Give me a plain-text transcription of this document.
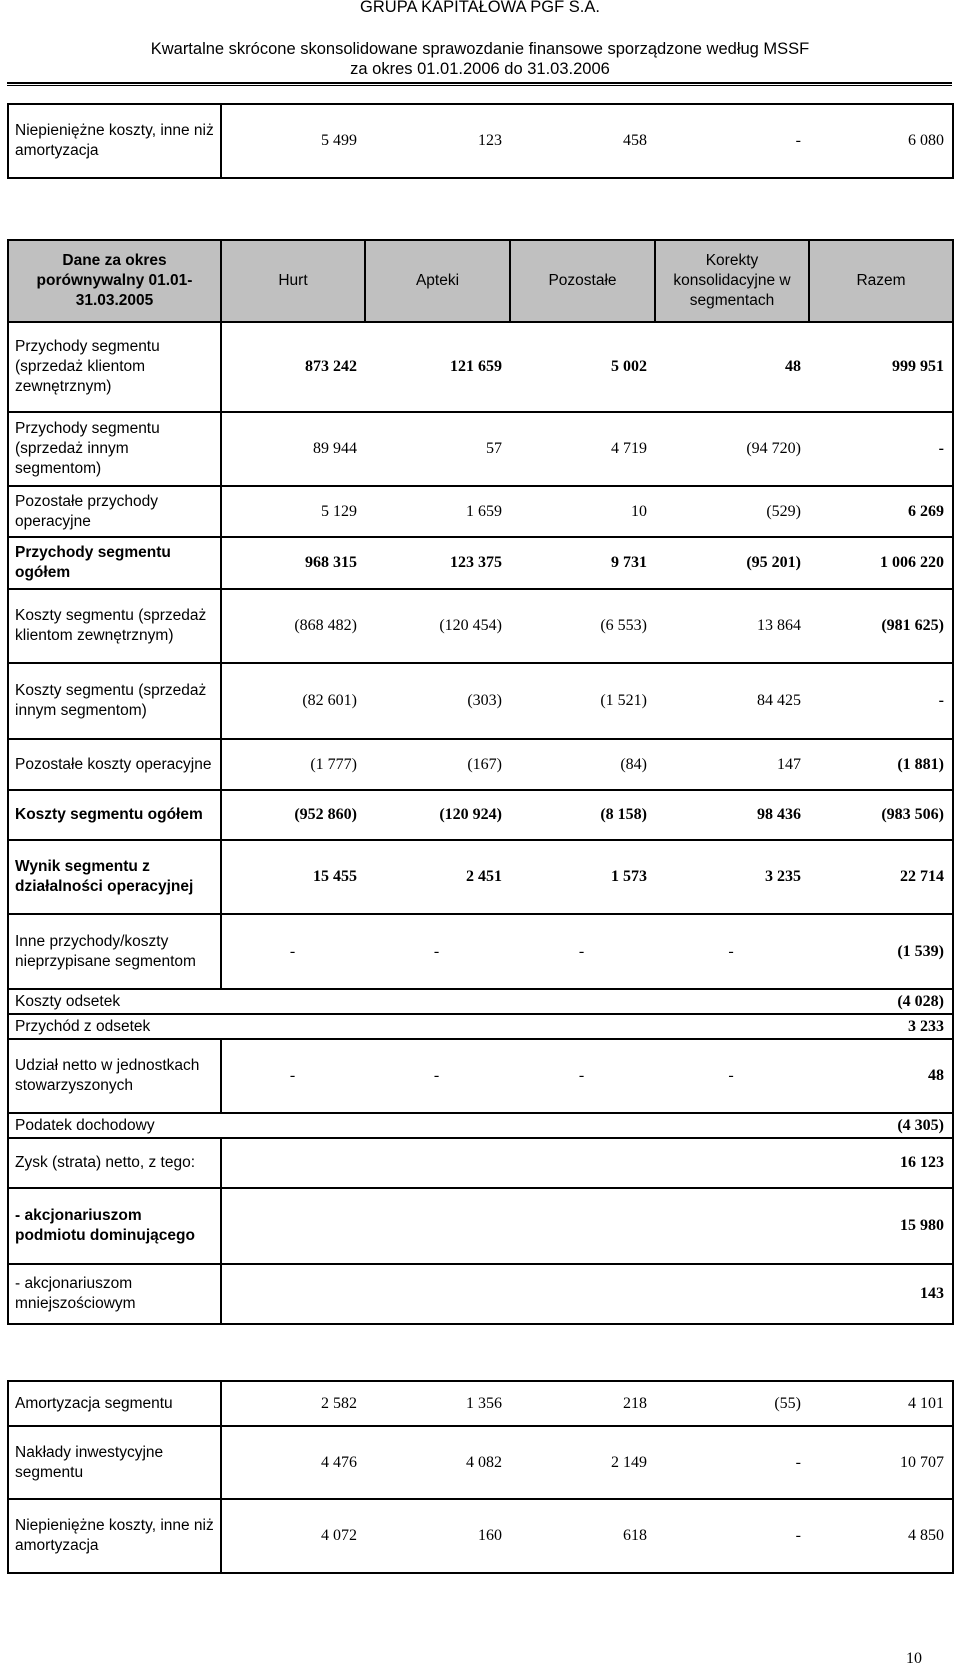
GRUPA KAPITAŁOWA PGF S.A.
Kwartalne skrócone skonsolidowane sprawozdanie finansowe sporządzone według MSSF
za okres 01.01.2006 do 31.03.2006
Niepieniężne koszty, inne niż amortyzacja	5 499	123	458	-	6 080
Dane za okres porównywalny 01.01-31.03.2005	Hurt	Apteki	Pozostałe	Korekty konsolidacyjne w segmentach	Razem
Przychody segmentu (sprzedaż klientom zewnętrznym)	873 242	121 659	5 002	48	999 951
Przychody segmentu (sprzedaż innym segmentom)	89 944	57	4 719	(94 720)	-
Pozostałe przychody operacyjne	5 129	1 659	10	(529)	6 269
Przychody segmentu ogółem	968 315	123 375	9 731	(95 201)	1 006 220
Koszty segmentu (sprzedaż klientom zewnętrznym)	(868 482)	(120 454)	(6 553)	13 864	(981 625)
Koszty segmentu (sprzedaż innym segmentom)	(82 601)	(303)	(1 521)	84 425	-
Pozostałe koszty operacyjne	(1 777)	(167)	(84)	147	(1 881)
Koszty segmentu ogółem	(952 860)	(120 924)	(8 158)	98 436	(983 506)
Wynik segmentu z działalności operacyjnej	15 455	2 451	1 573	3 235	22 714
Inne przychody/koszty nieprzypisane segmentom	-	-	-	-	(1 539)
Koszty odsetek					(4 028)
Przychód z odsetek					3 233
Udział netto w jednostkach stowarzyszonych	-	-	-	-	48
Podatek dochodowy					(4 305)
Zysk (strata) netto, z tego:					16 123
- akcjonariuszom podmiotu dominującego					15 980
- akcjonariuszom mniejszościowym					143
Amortyzacja segmentu	2 582	1 356	218	(55)	4 101
Nakłady inwestycyjne segmentu	4 476	4 082	2 149	-	10 707
Niepieniężne koszty, inne niż amortyzacja	4 072	160	618	-	4 850
10
